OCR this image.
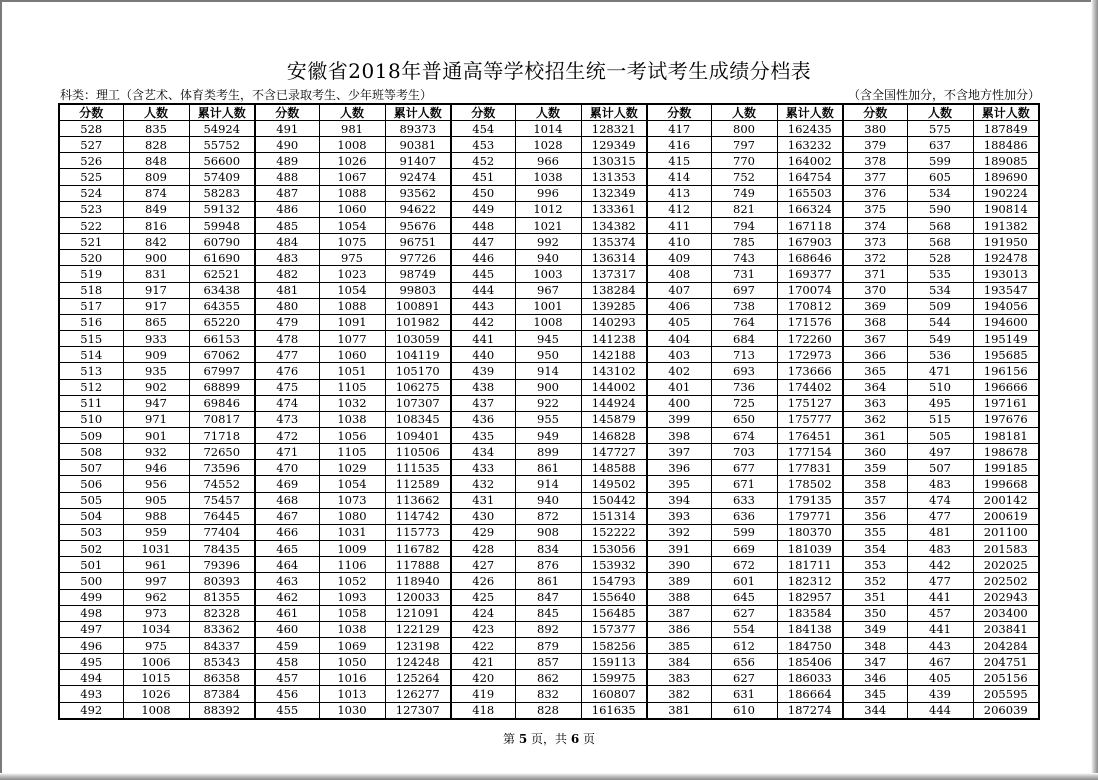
安徽省2018年普通高等学校招生统一考试考生成绩分档表
科类：理工（含艺术、体育类考生，不含已录取考生、少年班等考生）	（含全国性加分，不含地方性加分）
分数	人数	累计人数	分数	人数	累计人数	分数	人数	累计人数	分数	人数	累计人数	分数	人数	累计人数
528	835	54924	491	981	89373	454	1014	128321	417	800	162435	380	575	187849
527	828	55752	490	1008	90381	453	1028	129349	416	797	163232	379	637	188486
526	848	56600	489	1026	91407	452	966	130315	415	770	164002	378	599	189085
525	809	57409	488	1067	92474	451	1038	131353	414	752	164754	377	605	189690
524	874	58283	487	1088	93562	450	996	132349	413	749	165503	376	534	190224
523	849	59132	486	1060	94622	449	1012	133361	412	821	166324	375	590	190814
522	816	59948	485	1054	95676	448	1021	134382	411	794	167118	374	568	191382
521	842	60790	484	1075	96751	447	992	135374	410	785	167903	373	568	191950
520	900	61690	483	975	97726	446	940	136314	409	743	168646	372	528	192478
519	831	62521	482	1023	98749	445	1003	137317	408	731	169377	371	535	193013
518	917	63438	481	1054	99803	444	967	138284	407	697	170074	370	534	193547
517	917	64355	480	1088	100891	443	1001	139285	406	738	170812	369	509	194056
516	865	65220	479	1091	101982	442	1008	140293	405	764	171576	368	544	194600
515	933	66153	478	1077	103059	441	945	141238	404	684	172260	367	549	195149
514	909	67062	477	1060	104119	440	950	142188	403	713	172973	366	536	195685
513	935	67997	476	1051	105170	439	914	143102	402	693	173666	365	471	196156
512	902	68899	475	1105	106275	438	900	144002	401	736	174402	364	510	196666
511	947	69846	474	1032	107307	437	922	144924	400	725	175127	363	495	197161
510	971	70817	473	1038	108345	436	955	145879	399	650	175777	362	515	197676
509	901	71718	472	1056	109401	435	949	146828	398	674	176451	361	505	198181
508	932	72650	471	1105	110506	434	899	147727	397	703	177154	360	497	198678
507	946	73596	470	1029	111535	433	861	148588	396	677	177831	359	507	199185
506	956	74552	469	1054	112589	432	914	149502	395	671	178502	358	483	199668
505	905	75457	468	1073	113662	431	940	150442	394	633	179135	357	474	200142
504	988	76445	467	1080	114742	430	872	151314	393	636	179771	356	477	200619
503	959	77404	466	1031	115773	429	908	152222	392	599	180370	355	481	201100
502	1031	78435	465	1009	116782	428	834	153056	391	669	181039	354	483	201583
501	961	79396	464	1106	117888	427	876	153932	390	672	181711	353	442	202025
500	997	80393	463	1052	118940	426	861	154793	389	601	182312	352	477	202502
499	962	81355	462	1093	120033	425	847	155640	388	645	182957	351	441	202943
498	973	82328	461	1058	121091	424	845	156485	387	627	183584	350	457	203400
497	1034	83362	460	1038	122129	423	892	157377	386	554	184138	349	441	203841
496	975	84337	459	1069	123198	422	879	158256	385	612	184750	348	443	204284
495	1006	85343	458	1050	124248	421	857	159113	384	656	185406	347	467	204751
494	1015	86358	457	1016	125264	420	862	159975	383	627	186033	346	405	205156
493	1026	87384	456	1013	126277	419	832	160807	382	631	186664	345	439	205595
492	1008	88392	455	1030	127307	418	828	161635	381	610	187274	344	444	206039
第 5 页，共 6 页
